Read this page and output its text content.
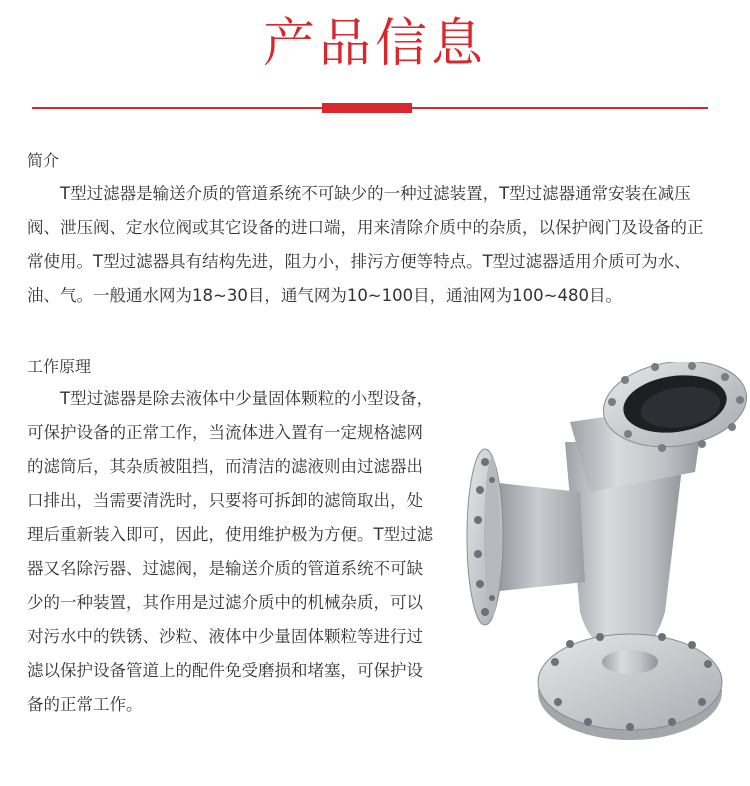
产品信息
简介

T型过滤器是输送介质的管道系统不可缺少的一种过滤装置，T型过滤器通常安装在减压阀、泄压阀、定水位阀或其它设备的进口端，用来清除介质中的杂质，以保护阀门及设备的正常使用。T型过滤器具有结构先进，阻力小，排污方便等特点。T型过滤器适用介质可为水、油、气。一般通水网为18~30目，通气网为10~100目，通油网为100~480目。

工作原理

T型过滤器是除去液体中少量固体颗粒的小型设备，可保护设备的正常工作，当流体进入置有一定规格滤网的滤筒后，其杂质被阻挡，而清洁的滤液则由过滤器出口排出，当需要清洗时，只要将可拆卸的滤筒取出，处理后重新装入即可，因此，使用维护极为方便。T型过滤器又名除污器、过滤阀，是输送介质的管道系统不可缺少的一种装置，其作用是过滤介质中的机械杂质，可以对污水中的铁锈、沙粒、液体中少量固体颗粒等进行过滤以保护设备管道上的配件免受磨损和堵塞，可保护设备的正常工作。
